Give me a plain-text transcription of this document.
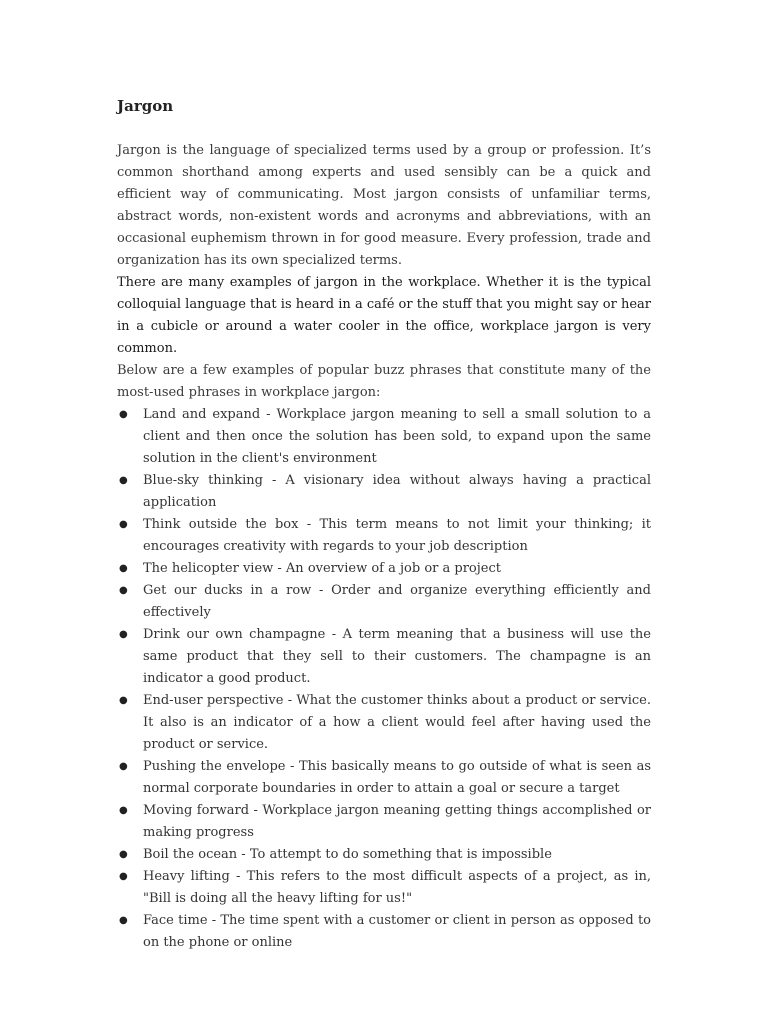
Jargon

Jargon is the language of specialized terms used by a group or profession. It’s common shorthand among experts and used sensibly can be a quick and efficient way of communicating. Most jargon consists of unfamiliar terms, abstract words, non-existent words and acronyms and abbreviations, with an occasional euphemism thrown in for good measure. Every profession, trade and organization has its own specialized terms.

There are many examples of jargon in the workplace. Whether it is the typical colloquial language that is heard in a café or the stuff that you might say or hear in a cubicle or around a water cooler in the office, workplace jargon is very common.

Below are a few examples of popular buzz phrases that constitute many of the most-used phrases in workplace jargon:

● Land and expand - Workplace jargon meaning to sell a small solution to a client and then once the solution has been sold, to expand upon the same solution in the client's environment
● Blue-sky thinking - A visionary idea without always having a practical application
● Think outside the box - This term means to not limit your thinking; it encourages creativity with regards to your job description
● The helicopter view - An overview of a job or a project
● Get our ducks in a row - Order and organize everything efficiently and effectively
● Drink our own champagne - A term meaning that a business will use the same product that they sell to their customers. The champagne is an indicator a good product.
● End-user perspective - What the customer thinks about a product or service. It also is an indicator of a how a client would feel after having used the product or service.
● Pushing the envelope - This basically means to go outside of what is seen as normal corporate boundaries in order to attain a goal or secure a target
● Moving forward - Workplace jargon meaning getting things accomplished or making progress
● Boil the ocean - To attempt to do something that is impossible
● Heavy lifting - This refers to the most difficult aspects of a project, as in, "Bill is doing all the heavy lifting for us!"
● Face time - The time spent with a customer or client in person as opposed to on the phone or online
